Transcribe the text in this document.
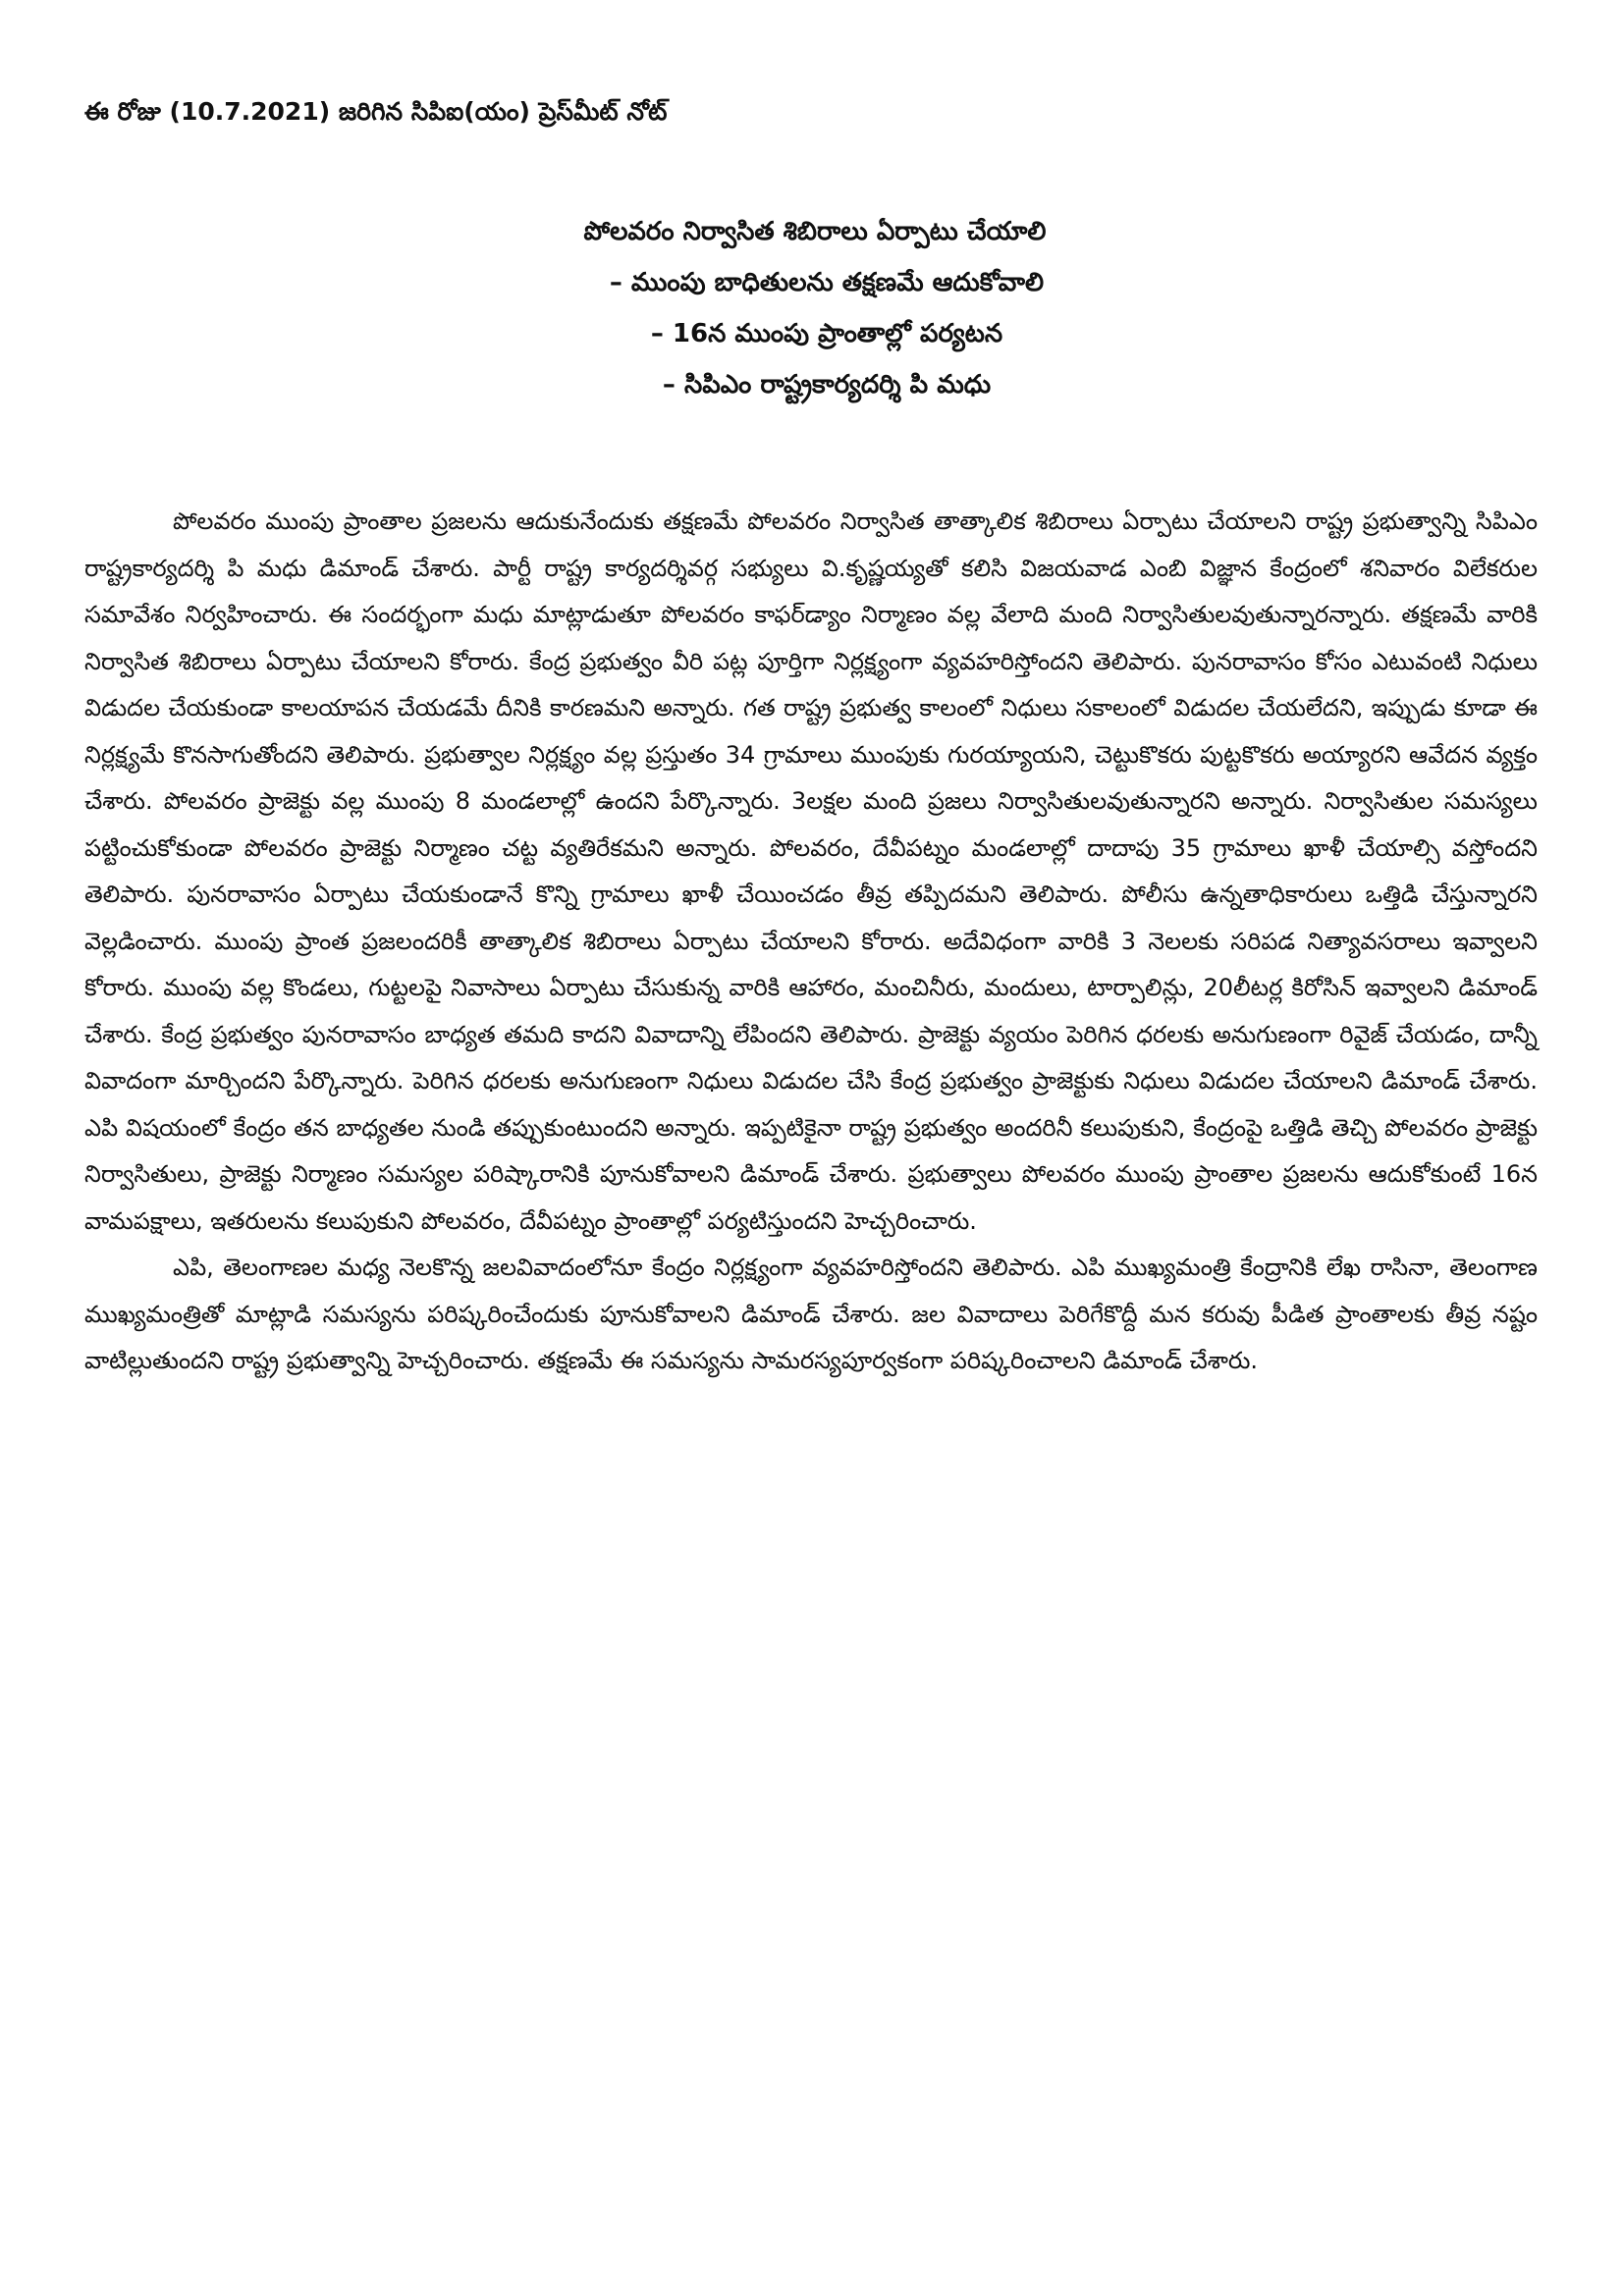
ఈ రోజు (10.7.2021) జరిగిన సిపిఐ(యం) ప్రెస్‌మీట్ నోట్
పోలవరం నిర్వాసిత శిబిరాలు ఏర్పాటు చేయాలి
– ముంపు బాధితులను తక్షణమే ఆదుకోవాలి
– 16న ముంపు ప్రాంతాల్లో పర్యటన
– సిపిఎం రాష్ట్రకార్యదర్శి పి మధు

పోలవరం ముంపు ప్రాంతాల ప్రజలను ఆదుకునేందుకు తక్షణమే పోలవరం నిర్వాసిత తాత్కాలిక శిబిరాలు ఏర్పాటు చేయాలని రాష్ట్ర ప్రభుత్వాన్ని సిపిఎం రాష్ట్రకార్యదర్శి పి మధు డిమాండ్ చేశారు. పార్టీ రాష్ట్ర కార్యదర్శివర్గ సభ్యులు వి.కృష్ణయ్యతో కలిసి విజయవాడ ఎంబి విజ్ఞాన కేంద్రంలో శనివారం విలేకరుల సమావేశం నిర్వహించారు. ఈ సందర్భంగా మధు మాట్లాడుతూ పోలవరం కాఫర్‌డ్యాం నిర్మాణం వల్ల వేలాది మంది నిర్వాసితులవుతున్నారన్నారు. తక్షణమే వారికి నిర్వాసిత శిబిరాలు ఏర్పాటు చేయాలని కోరారు. కేంద్ర ప్రభుత్వం వీరి పట్ల పూర్తిగా నిర్లక్ష్యంగా వ్యవహరిస్తోందని తెలిపారు. పునరావాసం కోసం ఎటువంటి నిధులు విడుదల చేయకుండా కాలయాపన చేయడమే దీనికి కారణమని అన్నారు. గత రాష్ట్ర ప్రభుత్వ కాలంలో నిధులు సకాలంలో విడుదల చేయలేదని, ఇప్పుడు కూడా ఈ నిర్లక్ష్యమే కొనసాగుతోందని తెలిపారు. ప్రభుత్వాల నిర్లక్ష్యం వల్ల ప్రస్తుతం 34 గ్రామాలు ముంపుకు గురయ్యాయని, చెట్టుకొకరు పుట్టకొకరు అయ్యారని ఆవేదన వ్యక్తం చేశారు. పోలవరం ప్రాజెక్టు వల్ల ముంపు 8 మండలాల్లో ఉందని పేర్కొన్నారు. 3లక్షల మంది ప్రజలు నిర్వాసితులవుతున్నారని అన్నారు. నిర్వాసితుల సమస్యలు పట్టించుకోకుండా పోలవరం ప్రాజెక్టు నిర్మాణం చట్ట వ్యతిరేకమని అన్నారు. పోలవరం, దేవీపట్నం మండలాల్లో దాదాపు 35 గ్రామాలు ఖాళీ చేయాల్సి వస్తోందని తెలిపారు. పునరావాసం ఏర్పాటు చేయకుండానే కొన్ని గ్రామాలు ఖాళీ చేయించడం తీవ్ర తప్పిదమని తెలిపారు. పోలీసు ఉన్నతాధికారులు ఒత్తిడి చేస్తున్నారని వెల్లడించారు. ముంపు ప్రాంత ప్రజలందరికీ తాత్కాలిక శిబిరాలు ఏర్పాటు చేయాలని కోరారు. అదేవిధంగా వారికి 3 నెలలకు సరిపడ నిత్యావసరాలు ఇవ్వాలని కోరారు. ముంపు వల్ల కొండలు, గుట్టలపై నివాసాలు ఏర్పాటు చేసుకున్న వారికి ఆహారం, మంచినీరు, మందులు, టార్పాలిన్లు, 20లీటర్ల కిరోసిన్ ఇవ్వాలని డిమాండ్ చేశారు. కేంద్ర ప్రభుత్వం పునరావాసం బాధ్యత తమది కాదని వివాదాన్ని లేపిందని తెలిపారు. ప్రాజెక్టు వ్యయం పెరిగిన ధరలకు అనుగుణంగా రివైజ్ చేయడం, దాన్నీ వివాదంగా మార్చిందని పేర్కొన్నారు. పెరిగిన ధరలకు అనుగుణంగా నిధులు విడుదల చేసి కేంద్ర ప్రభుత్వం ప్రాజెక్టుకు నిధులు విడుదల చేయాలని డిమాండ్ చేశారు. ఎపి విషయంలో కేంద్రం తన బాధ్యతల నుండి తప్పుకుంటుందని అన్నారు. ఇప్పటికైనా రాష్ట్ర ప్రభుత్వం అందరినీ కలుపుకుని, కేంద్రంపై ఒత్తిడి తెచ్చి పోలవరం ప్రాజెక్టు నిర్వాసితులు, ప్రాజెక్టు నిర్మాణం సమస్యల పరిష్కారానికి పూనుకోవాలని డిమాండ్ చేశారు. ప్రభుత్వాలు పోలవరం ముంపు ప్రాంతాల ప్రజలను ఆదుకోకుంటే 16న వామపక్షాలు, ఇతరులను కలుపుకుని పోలవరం, దేవీపట్నం ప్రాంతాల్లో పర్యటిస్తుందని హెచ్చరించారు.

ఎపి, తెలంగాణల మధ్య నెలకొన్న జలవివాదంలోనూ కేంద్రం నిర్లక్ష్యంగా వ్యవహరిస్తోందని తెలిపారు. ఎపి ముఖ్యమంత్రి కేంద్రానికి లేఖ రాసినా, తెలంగాణ ముఖ్యమంత్రితో మాట్లాడి సమస్యను పరిష్కరించేందుకు పూనుకోవాలని డిమాండ్ చేశారు. జల వివాదాలు పెరిగేకొద్దీ మన కరువు పీడిత ప్రాంతాలకు తీవ్ర నష్టం వాటిల్లుతుందని రాష్ట్ర ప్రభుత్వాన్ని హెచ్చరించారు. తక్షణమే ఈ సమస్యను సామరస్యపూర్వకంగా పరిష్కరించాలని డిమాండ్ చేశారు.
